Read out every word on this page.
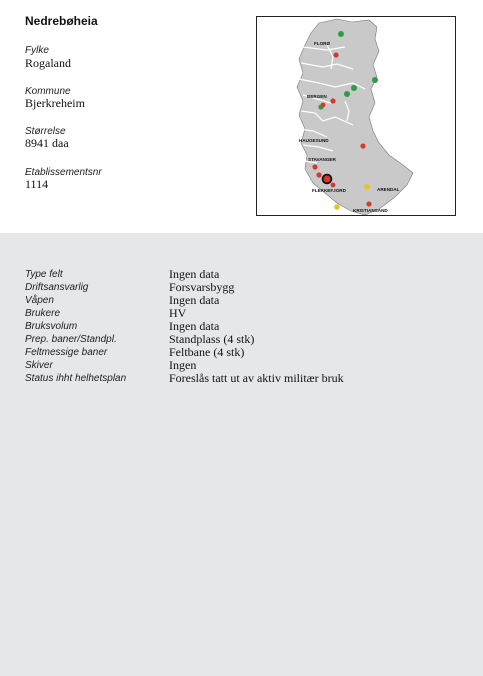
Nedrebøheia
Fylke
Rogaland
Kommune
Bjerkreheim
Størrelse
8941 daa
Etablissementsnr
1114
FLORØ
BERGEN
HAUGESUND
STAVANGER
FLEKKEFJORD	ARENDAL
KRISTIANSAND
Type felt	Ingen data
Driftsansvarlig	Forsvarsbygg
Våpen	Ingen data
Brukere	HV
Bruksvolum	Ingen data
Prep. baner/Standpl.	Standplass (4 stk)
Feltmessige baner	Feltbane (4 stk)
Skiver	Ingen
Status ihht helhetsplan	Foreslås tatt ut av aktiv militær bruk
